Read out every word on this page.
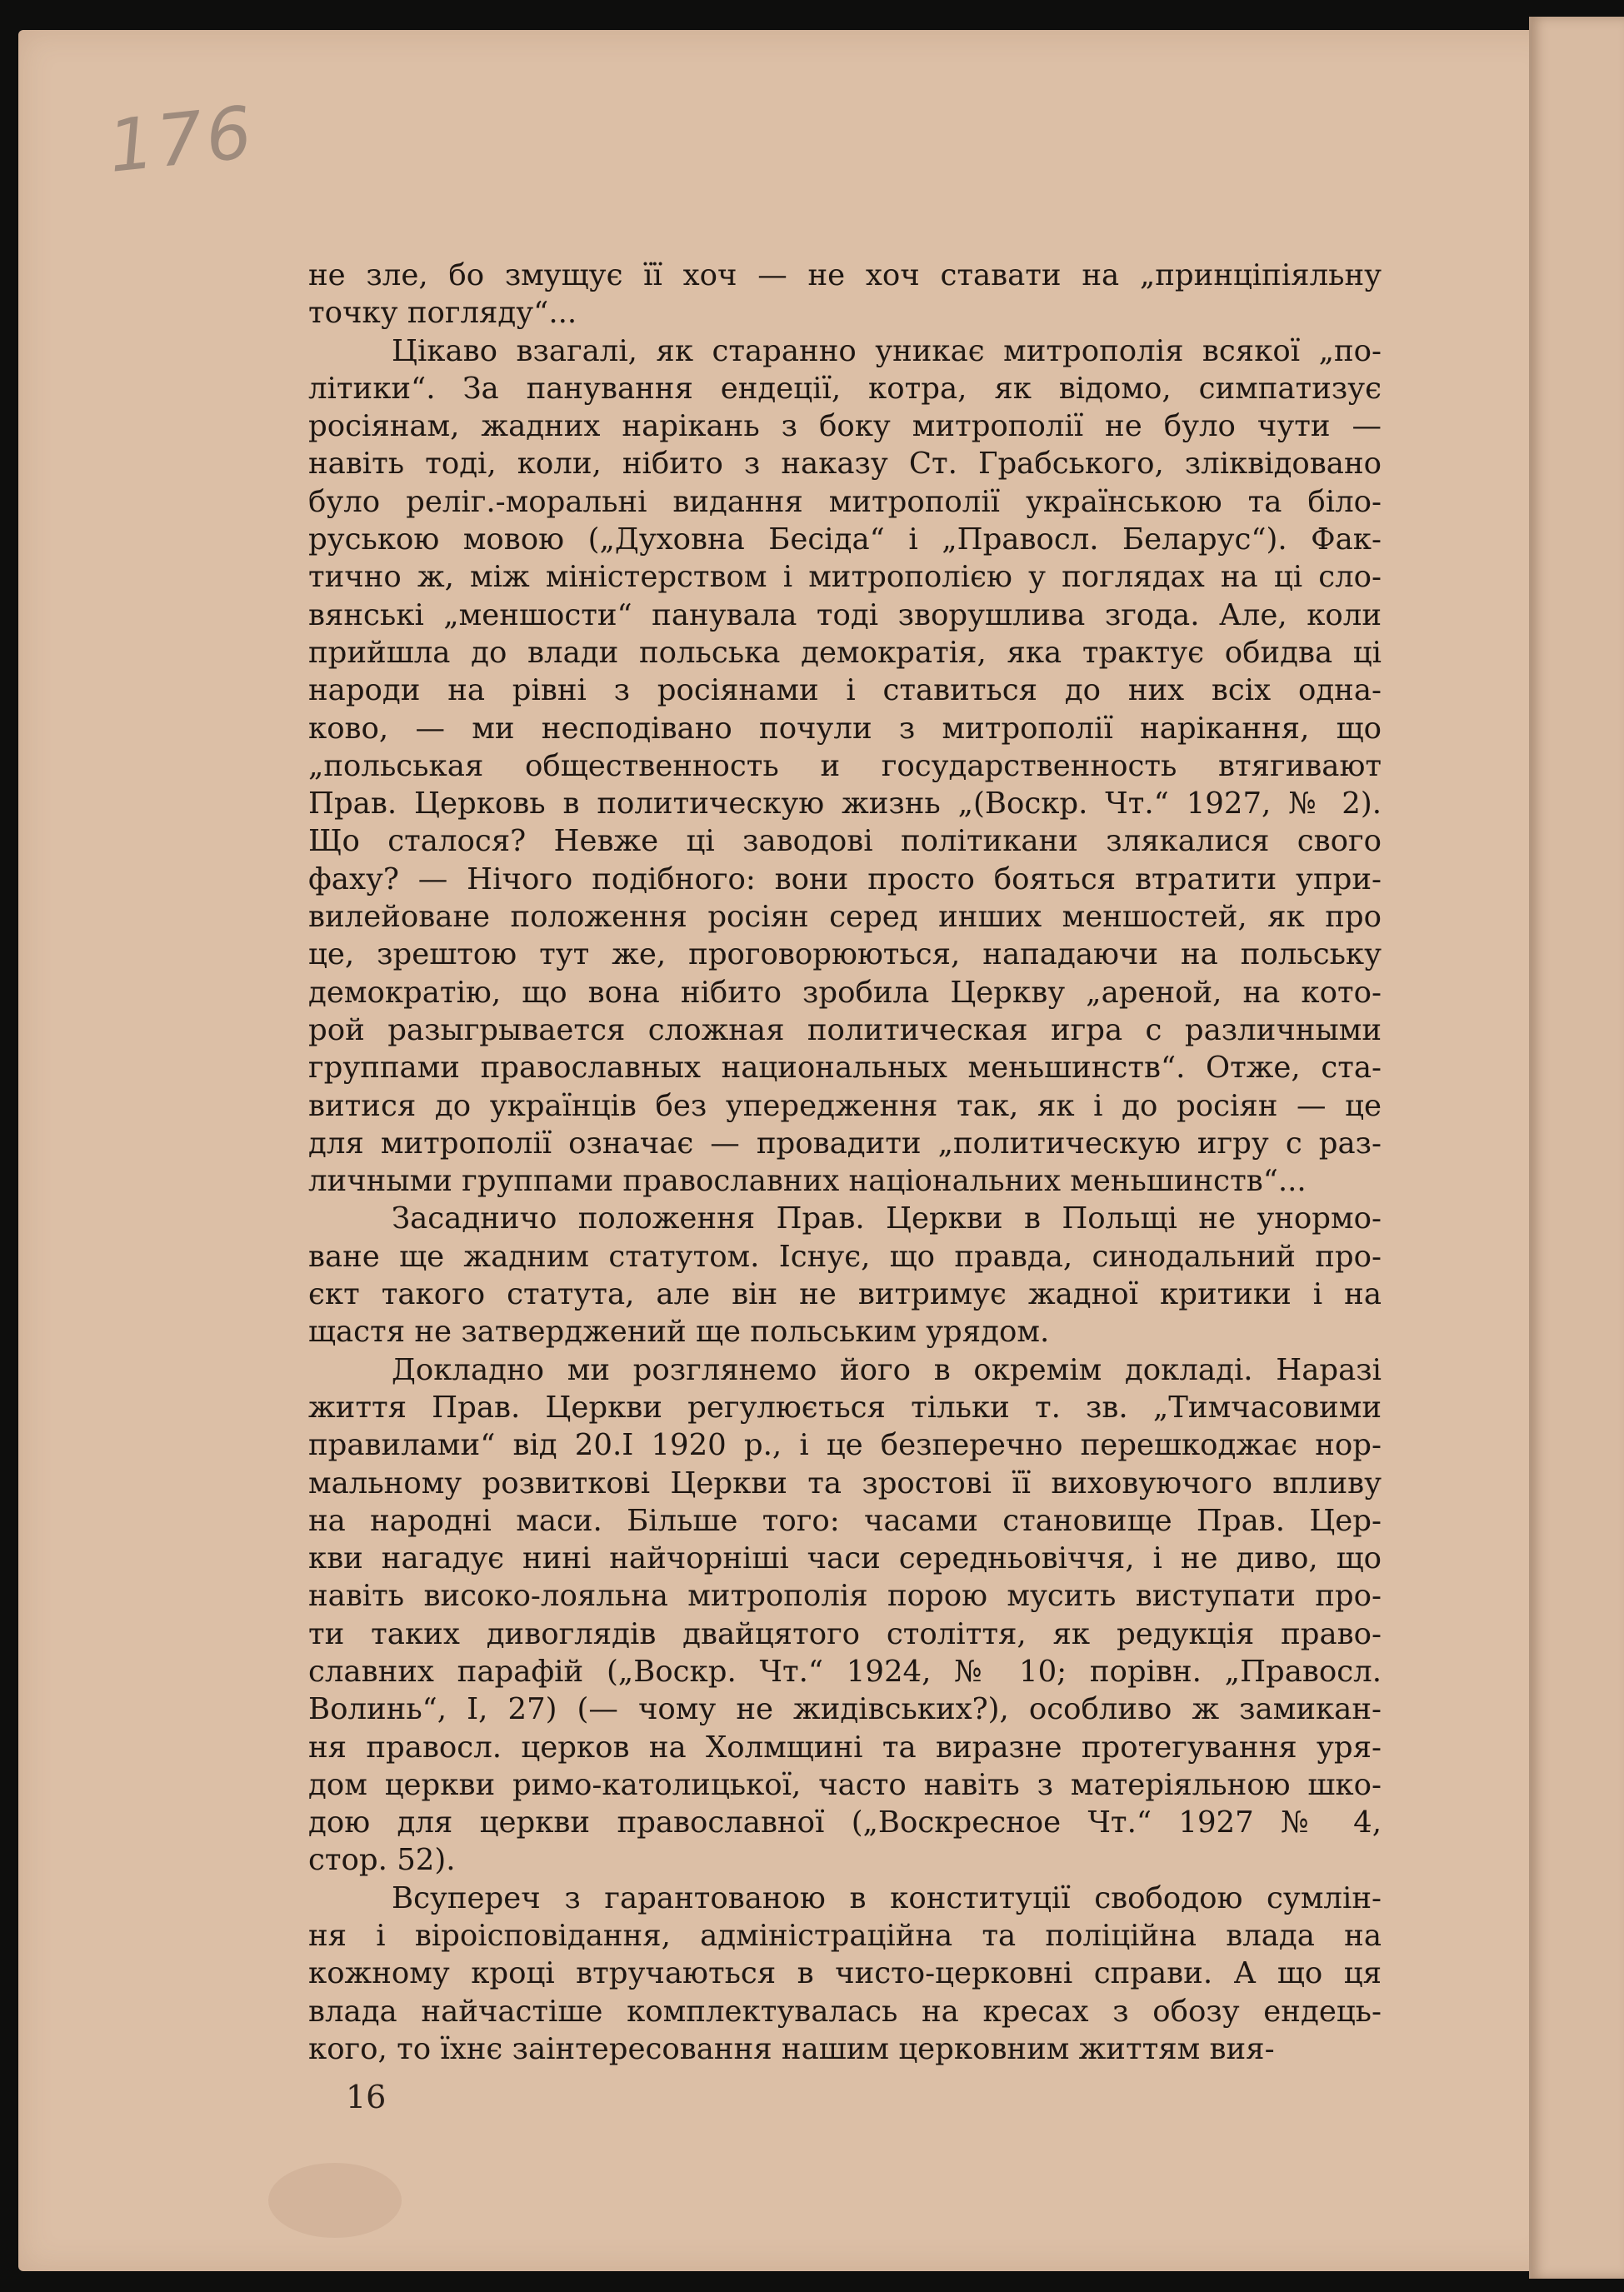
176
не зле, бо змущує її хоч — не хоч ставати на „принціпіяльну
точку погляду“...
Цікаво взагалі, як старанно уникає митрополія всякої „по-
літики“. За панування ендеції, котра, як відомо, симпатизує
росіянам, жадних нарікань з боку митрополії не було чути —
навіть тоді, коли, нібито з наказу Ст. Грабського, зліквідовано
було реліг.-моральні видання митрополії українською та біло-
руською мовою („Духовна Бесіда“ і „Правосл. Беларус“). Фак-
тично ж, між міністерством і митрополією у поглядах на ці сло-
вянські „меншости“ панувала тоді зворушлива згода. Але, коли
прийшла до влади польська демократія, яка трактує обидва ці
народи на рівні з росіянами і ставиться до них всіх одна-
ково, — ми несподівано почули з митрополії нарікання, що
„польськая общественность и государственность втягивают
Прав. Церковь в политическую жизнь „(Воскр. Чт.“ 1927, № 2).
Що сталося? Невже ці заводові політикани злякалися свого
фаху? — Нічого подібного: вони просто бояться втратити упри-
вилейоване положення росіян серед инших меншостей, як про
це, зрештою тут же, проговорюються, нападаючи на польську
демократію, що вона нібито зробила Церкву „ареной, на кото-
рой разыгрывается сложная политическая игра с различными
группами православных национальных меньшинств“. Отже, ста-
витися до українців без упередження так, як і до росіян — це
для митрополії означає — провадити „политическую игру с раз-
личными группами православних національних меньшинств“...
Засадничо положення Прав. Церкви в Польщі не унормо-
ване ще жадним статутом. Існує, що правда, синодальний про-
єкт такого статута, але він не витримує жадної критики і на
щастя не затверджений ще польським урядом.
Докладно ми розглянемо його в окремім докладі. Наразі
життя Прав. Церкви регулюється тільки т. зв. „Тимчасовими
правилами“ від 20.I 1920 р., і це безперечно перешкоджає нор-
мальному розвиткові Церкви та зростові її виховуючого впливу
на народні маси. Більше того: часами становище Прав. Цер-
кви нагадує нині найчорніші часи середньовіччя, і не диво, що
навіть високо-лояльна митрополія порою мусить виступати про-
ти таких дивоглядів двайцятого століття, як редукція право-
славних парафій („Воскр. Чт.“ 1924, № 10; порівн. „Правосл.
Волинь“, I, 27) (— чому не жидівських?), особливо ж замикан-
ня правосл. церков на Холмщині та виразне протегування уря-
дом церкви римо-католицької, часто навіть з матеріяльною шко-
дою для церкви православної („Воскресное Чт.“ 1927 № 4,
стор. 52).
Всупереч з гарантованою в конституції свободою сумлін-
ня і віроісповідання, адміністраційна та поліційна влада на
кожному кроці втручаються в чисто-церковні справи. А що ця
влада найчастіше комплектувалась на кресах з обозу ендець-
кого, то їхнє заінтересовання нашим церковним життям вия-
16
